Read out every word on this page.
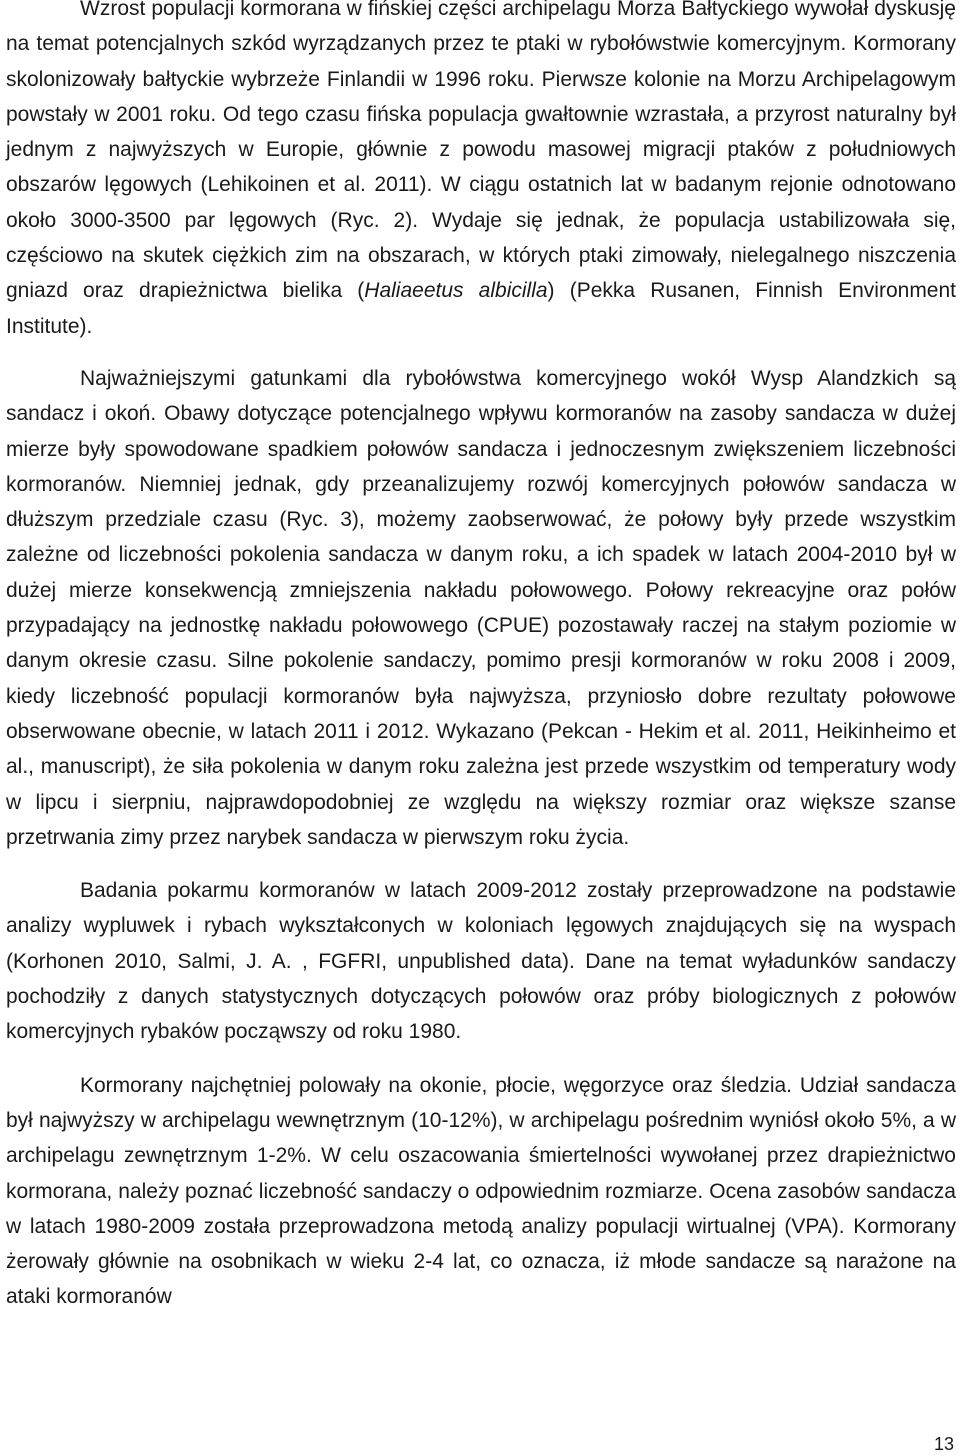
Wzrost populacji kormorana w fińskiej części archipelagu Morza Bałtyckiego wywołał dyskusję na temat potencjalnych szkód wyrządzanych przez te ptaki w rybołówstwie komercyjnym. Kormorany skolonizowały bałtyckie wybrzeże Finlandii w 1996 roku. Pierwsze kolonie na Morzu Archipelagowym powstały w 2001 roku. Od tego czasu fińska populacja gwałtownie wzrastała, a przyrost naturalny był jednym z najwyższych w Europie, głównie z powodu masowej migracji ptaków z południowych obszarów lęgowych (Lehikoinen et al. 2011). W ciągu ostatnich lat w badanym rejonie odnotowano około 3000-3500 par lęgowych (Ryc. 2). Wydaje się jednak, że populacja ustabilizowała się, częściowo na skutek ciężkich zim na obszarach, w których ptaki zimowały, nielegalnego niszczenia gniazd oraz drapieżnictwa bielika (Haliaeetus albicilla) (Pekka Rusanen, Finnish Environment Institute).

Najważniejszymi gatunkami dla rybołówstwa komercyjnego wokół Wysp Alandzkich są sandacz i okoń. Obawy dotyczące potencjalnego wpływu kormoranów na zasoby sandacza w dużej mierze były spowodowane spadkiem połowów sandacza i jednoczesnym zwiększeniem liczebności kormoranów. Niemniej jednak, gdy przeanalizujemy rozwój komercyjnych połowów sandacza w dłuższym przedziale czasu (Ryc. 3), możemy zaobserwować, że połowy były przede wszystkim zależne od liczebności pokolenia sandacza w danym roku, a ich spadek w latach 2004-2010 był w dużej mierze konsekwencją zmniejszenia nakładu połowowego. Połowy rekreacyjne oraz połów przypadający na jednostkę nakładu połowowego (CPUE) pozostawały raczej na stałym poziomie w danym okresie czasu. Silne pokolenie sandaczy, pomimo presji kormoranów w roku 2008 i 2009, kiedy liczebność populacji kormoranów była najwyższa, przyniosło dobre rezultaty połowowe obserwowane obecnie, w latach 2011 i 2012. Wykazano (Pekcan - Hekim et al. 2011, Heikinheimo et al., manuscript), że siła pokolenia w danym roku zależna jest przede wszystkim od temperatury wody w lipcu i sierpniu, najprawdopodobniej ze względu na większy rozmiar oraz większe szanse przetrwania zimy przez narybek sandacza w pierwszym roku życia.

Badania pokarmu kormoranów w latach 2009-2012 zostały przeprowadzone na podstawie analizy wypluwek i rybach wykształconych w koloniach lęgowych znajdujących się na wyspach (Korhonen 2010, Salmi, J. A. , FGFRI, unpublished data). Dane na temat wyładunków sandaczy pochodziły z danych statystycznych dotyczących połowów oraz próby biologicznych z połowów komercyjnych rybaków począwszy od roku 1980.

Kormorany najchętniej polowały na okonie, płocie, węgorzyce oraz śledzia. Udział sandacza był najwyższy w archipelagu wewnętrznym (10-12%), w archipelagu pośrednim wyniósł około 5%, a w archipelagu zewnętrznym 1-2%. W celu oszacowania śmiertelności wywołanej przez drapieżnictwo kormorana, należy poznać liczebność sandaczy o odpowiednim rozmiarze. Ocena zasobów sandacza w latach 1980-2009 została przeprowadzona metodą analizy populacji wirtualnej (VPA). Kormorany żerowały głównie na osobnikach w wieku 2-4 lat, co oznacza, iż młode sandacze są narażone na ataki kormoranów

13
